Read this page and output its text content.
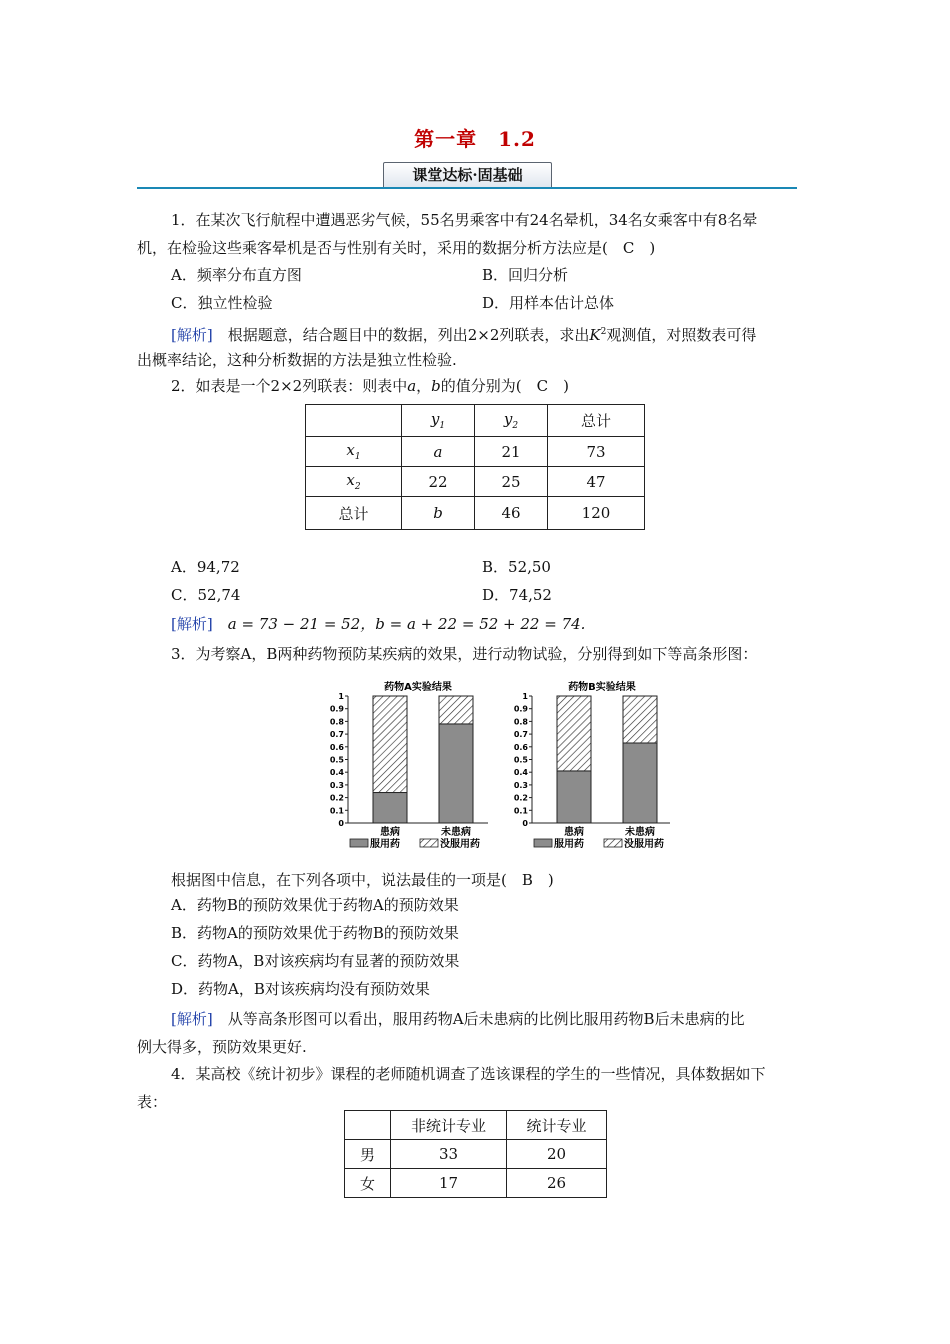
第一章　1.2
课堂达标·固基础
1．在某次飞行航程中遭遇恶劣气候，55名男乘客中有24名晕机，34名女乘客中有8名晕
机，在检验这些乘客晕机是否与性别有关时，采用的数据分析方法应是(　C　)
A．频率分布直方图	B．回归分析
C．独立性检验	D．用样本估计总体
[解析]　根据题意，结合题目中的数据，列出2×2列联表，求出$K^2$观测值，对照数表可得
出概率结论，这种分析数据的方法是独立性检验.
2．如表是一个2×2列联表：则表中a，b的值分别为(　C　)
	$y_1$	$y_2$	总计
$x_1$	a	21	73
$x_2$	22	25	47
总计	b	46	120
A．94,72	B．52,50
C．52,74	D．74,52
[解析]　 a = 73 − 21 = 52，b = a + 22 = 52 + 22 = 74.
3．为考察A，B两种药物预防某疾病的效果，进行动物试验，分别得到如下等高条形图：
药物A实验结果
0
0.1
0.2
0.3
0.4
0.5
0.6
0.7
0.8
0.9
1
患病	未患病
服用药	没服用药
药物B实验结果
0
0.1
0.2
0.3
0.4
0.5
0.6
0.7
0.8
0.9
1
患病	未患病
服用药	没服用药
根据图中信息，在下列各项中，说法最佳的一项是(　B　)
A．药物B的预防效果优于药物A的预防效果
B．药物A的预防效果优于药物B的预防效果
C．药物A，B对该疾病均有显著的预防效果
D．药物A，B对该疾病均没有预防效果
[解析]　从等高条形图可以看出，服用药物A后未患病的比例比服用药物B后未患病的比
例大得多，预防效果更好.
4．某高校《统计初步》课程的老师随机调查了选该课程的学生的一些情况，具体数据如下
表：
	非统计专业	统计专业
男	33	20
女	17	26
